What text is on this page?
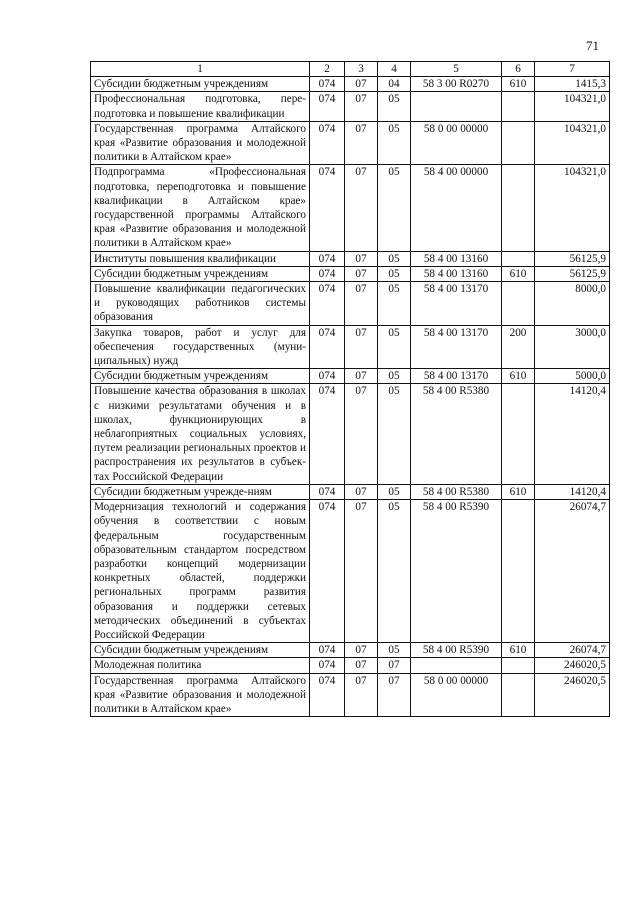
71
1	2	3	4	5	6	7
Субсидии бюджетным учреждениям	074	07	04	58 3 00 R0270	610	1415,3
Профессиональная подготовка, переподготовка и повышение квалификации	074	07	05			104321,0
Государственная программа Алтайского края «Развитие образования и молодежной политики в Алтайском крае»	074	07	05	58 0 00 00000		104321,0
Подпрограмма «Профессиональная подготовка, переподготовка и повышение квалификации в Алтайском крае» государственной программы Алтайского края «Развитие образования и молодежной политики в Алтайском крае»	074	07	05	58 4 00 00000		104321,0
Институты повышения квалификации	074	07	05	58 4 00 13160		56125,9
Субсидии бюджетным учреждениям	074	07	05	58 4 00 13160	610	56125,9
Повышение квалификации педагогических и руководящих работников системы образования	074	07	05	58 4 00 13170		8000,0
Закупка товаров, работ и услуг для обеспечения государственных (муниципальных) нужд	074	07	05	58 4 00 13170	200	3000,0
Субсидии бюджетным учреждениям	074	07	05	58 4 00 13170	610	5000,0
Повышение качества образования в школах с низкими результатами обучения и в школах, функционирующих в неблагоприятных социальных условиях, путем реализации региональных проектов и распространения их результатов в субъектах Российской Федерации	074	07	05	58 4 00 R5380		14120,4
Субсидии бюджетным учрежде-ниям	074	07	05	58 4 00 R5380	610	14120,4
Модернизация технологий и содержания обучения в соответствии с новым федеральным государственным образовательным стандартом посредством разработки концепций модернизации конкретных областей, поддержки региональных программ развития образования и поддержки сетевых методических объединений в субъектах Российской Федерации	074	07	05	58 4 00 R5390		26074,7
Субсидии бюджетным учреждениям	074	07	05	58 4 00 R5390	610	26074,7
Молодежная политика	074	07	07			246020,5
Государственная программа Алтайского края «Развитие образования и молодежной политики в Алтайском крае»	074	07	07	58 0 00 00000		246020,5
